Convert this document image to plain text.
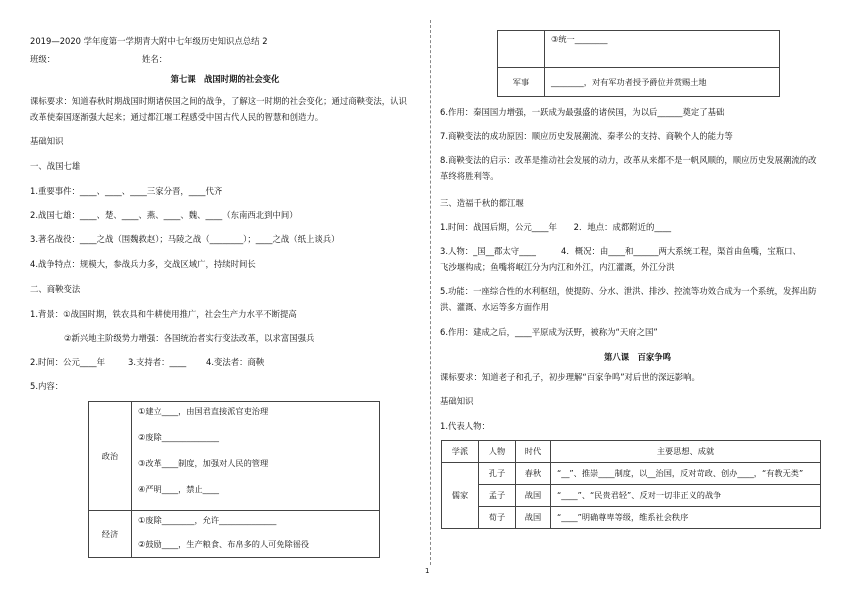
2019—2020 学年度第一学期青大附中七年级历史知识点总结 2
班级：	姓名：
第七课　战国时期的社会变化
课标要求：知道春秋时期战国时期诸侯国之间的战争，了解这一时期的社会变化；通过商鞅变法，认识
改革使秦国逐渐强大起来；通过都江堰工程感受中国古代人民的智慧和创造力。
基础知识
一、战国七雄
1.重要事件：____、____、____三家分晋，____代齐
2.战国七雄：____、楚、____、燕、____、魏、____（东南西北到中间）
3.著名战役：____之战（围魏救赵）；马陵之战（________）；____之战（纸上谈兵）
4.战争特点：规模大，参战兵力多，交战区域广，持续时间长
二、商鞅变法
1.背景：①战国时期，铁农具和牛耕使用推广，社会生产力水平不断提高
②新兴地主阶级势力增强：各国统治者实行变法改革，以求富国强兵
2.时间：公元____年	3.支持者：____ 4.变法者：商鞅
5.内容：
政治	①建立____，由国君直接派官吏治理
②废除______________
③改革____制度，加强对人民的管理
④严明____，禁止____

经济	①废除________，允许______________
②鼓励____，生产粮食、布帛多的人可免除徭役
	③统一________
军事	________，对有军功者授予爵位并赏赐土地
6.作用：秦国国力增强，一跃成为最强盛的诸侯国，为以后______奠定了基础
7.商鞅变法的成功原因：顺应历史发展潮流、秦孝公的支持、商鞅个人的能力等
8.商鞅变法的启示：改革是推动社会发展的动力，改革从来都不是一帆风顺的，顺应历史发展潮流的改
革终将胜利等。
三、造福千秋的都江堰
1.时间：战国后期，公元____年　　2．地点：成都附近的____
3.人物：_国__郡太守____　　　4．概况：由____和______两大系统工程，渠首由鱼嘴，宝瓶口、
飞沙堰构成；鱼嘴将岷江分为内江和外江，内江灌溉，外江分洪
5.功能：一座综合性的水利枢纽，使提防、分水、泄洪、排沙、控流等功效合成为一个系统，发挥出防
洪、灌溉、水运等多方面作用
6.作用：建成之后，____平原成为沃野，被称为“天府之国”
第八课　百家争鸣
课标要求：知道老子和孔子，初步理解“百家争鸣”对后世的深远影响。
基础知识
1.代表人物：
学派	人物	时代	主要思想、成就
儒家	孔子	春秋	“__”、推崇____制度，以__治国，反对苛政、创办____，“有教无类”
	孟子	战国	“____”、“民贵君轻”、反对一切非正义的战争
	荀子	战国	“____”明确尊卑等级，维系社会秩序
1
